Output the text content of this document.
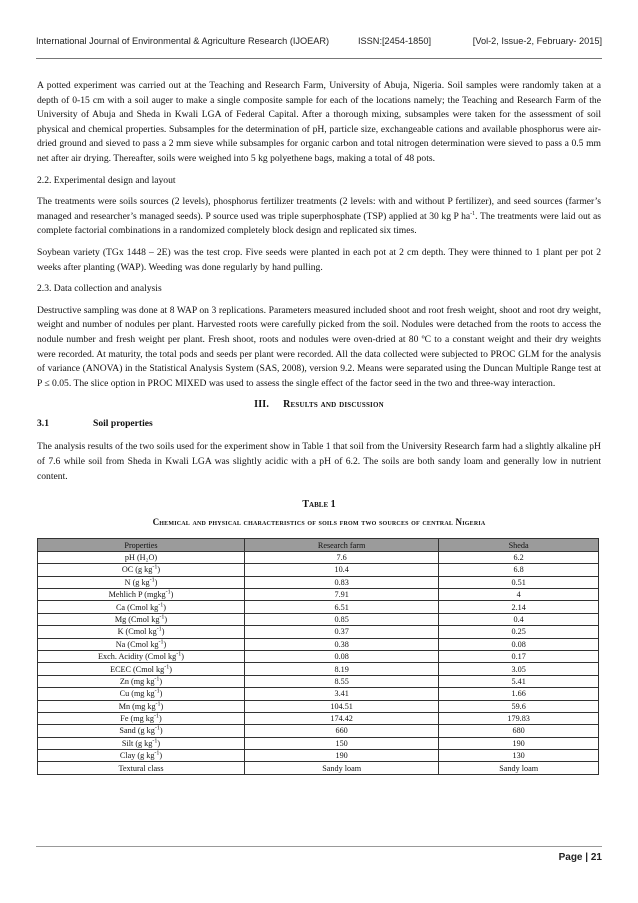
International Journal of Environmental & Agriculture Research (IJOEAR)	ISSN:[2454-1850]	[Vol-2, Issue-2, February- 2015]

A potted experiment was carried out at the Teaching and Research Farm, University of Abuja, Nigeria. Soil samples were randomly taken at a depth of 0-15 cm with a soil auger to make a single composite sample for each of the locations namely; the Teaching and Research Farm of the University of Abuja and Sheda in Kwali LGA of Federal Capital. After a thorough mixing, subsamples were taken for the assessment of soil physical and chemical properties. Subsamples for the determination of pH, particle size, exchangeable cations and available phosphorus were air-dried ground and sieved to pass a 2 mm sieve while subsamples for organic carbon and total nitrogen determination were sieved to pass a 0.5 mm net after air drying. Thereafter, soils were weighed into 5 kg polyethene bags, making a total of 48 pots.

2.2. Experimental design and layout

The treatments were soils sources (2 levels), phosphorus fertilizer treatments (2 levels: with and without P fertilizer), and seed sources (farmer’s managed and researcher’s managed seeds). P source used was triple superphosphate (TSP) applied at 30 kg P $ha^{-1}$. The treatments were laid out as complete factorial combinations in a randomized completely block design and replicated six times.

Soybean variety (TGx 1448 – 2E) was the test crop. Five seeds were planted in each pot at 2 cm depth. They were thinned to 1 plant per pot 2 weeks after planting (WAP). Weeding was done regularly by hand pulling.

2.3. Data collection and analysis

Destructive sampling was done at 8 WAP on 3 replications. Parameters measured included shoot and root fresh weight, shoot and root dry weight, weight and number of nodules per plant. Harvested roots were carefully picked from the soil. Nodules were detached from the roots to access the nodule number and fresh weight per plant. Fresh shoot, roots and nodules were oven-dried at 80 ºC to a constant weight and their dry weights were recorded. At maturity, the total pods and seeds per plant were recorded. All the data collected were subjected to PROC GLM for the analysis of variance (ANOVA) in the Statistical Analysis System (SAS, 2008), version 9.2. Means were separated using the Duncan Multiple Range test at P ≤ 0.05. The slice option in PROC MIXED was used to assess the single effect of the factor seed in the two and three-way interaction.

III. Results and discussion
3.1	Soil properties

The analysis results of the two soils used for the experiment show in Table 1 that soil from the University Research farm had a slightly alkaline pH of 7.6 while soil from Sheda in Kwali LGA was slightly acidic with a pH of 6.2. The soils are both sandy loam and generally low in nutrient content.

Table 1
Chemical and physical characteristics of soils from two sources of central Nigeria
Properties	Research farm	Sheda
pH (H₂O)	7.6	6.2
OC (g $kg^{-1}$)	10.4	6.8
N (g $kg^{-1}$)	0.83	0.51
Mehlich P (mgkg$^{-1}$)	7.91	4
Ca (Cmol $kg^{-1}$)	6.51	2.14
Mg (Cmol $kg^{-1}$)	0.85	0.4
K (Cmol $kg^{-1}$)	0.37	0.25
Na (Cmol $kg^{-1}$)	0.38	0.08
Exch. Acidity (Cmol $kg^{-1}$)	0.08	0.17
ECEC (Cmol $kg^{-1}$)	8.19	3.05
Zn (mg $kg^{-1}$)	8.55	5.41
Cu (mg $kg^{-1}$)	3.41	1.66
Mn (mg $kg^{-1}$)	104.51	59.6
Fe (mg $kg^{-1}$)	174.42	179.83
Sand (g $kg^{-1}$)	660	680
Silt (g $kg^{-1}$)	150	190
Clay (g $kg^{-1}$)	190	130
Textural class	Sandy loam	Sandy loam
Page | 21
